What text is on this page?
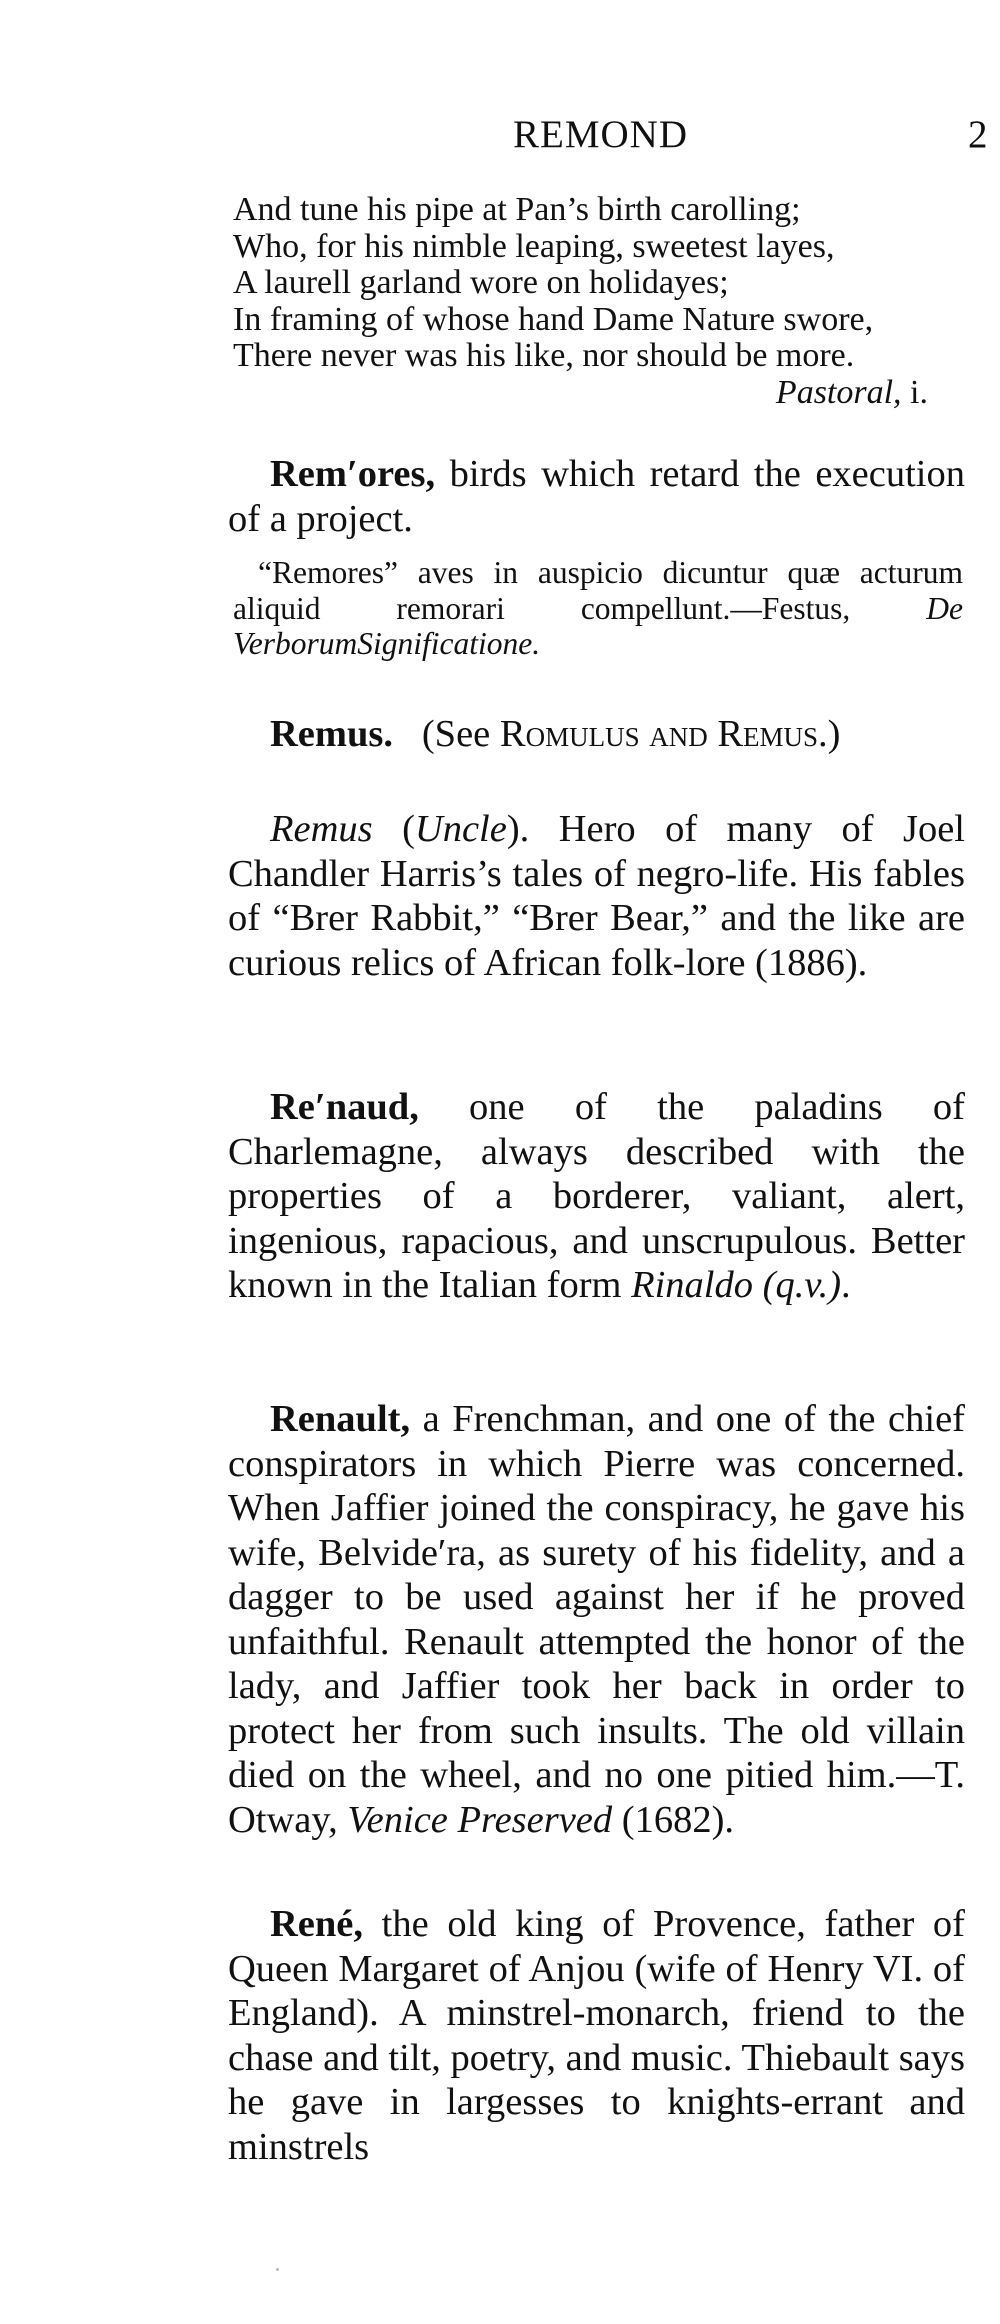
REMOND	2
And tune his pipe at Pan’s birth carolling;
Who, for his nimble leaping, sweetest layes,
A laurell garland wore on holidayes;
In framing of whose hand Dame Nature swore,
There never was his like, nor should be more.
Pastoral, i.

Rem′ores, birds which retard the execution of a project.

“Remores” aves in auspicio dicuntur quæ acturum aliquid remorari compellunt.—Festus, De VerborumSignificatione.

Remus. (See Romulus and Remus.)

Remus (Uncle). Hero of many of Joel Chandler Harris’s tales of negro-life. His fables of “Brer Rabbit,” “Brer Bear,” and the like are curious relics of African folk-lore (1886).

Re′naud, one of the paladins of Charlemagne, always described with the properties of a borderer, valiant, alert, ingenious, rapacious, and unscrupulous. Better known in the Italian form Rinaldo (q.v.).

Renault, a Frenchman, and one of the chief conspirators in which Pierre was concerned. When Jaffier joined the conspiracy, he gave his wife, Belvide′ra, as surety of his fidelity, and a dagger to be used against her if he proved unfaithful. Renault attempted the honor of the lady, and Jaffier took her back in order to protect her from such insults. The old villain died on the wheel, and no one pitied him.—T. Otway, Venice Preserved (1682).

René, the old king of Provence, father of Queen Margaret of Anjou (wife of Henry VI. of England). A minstrel-monarch, friend to the chase and tilt, poetry, and music. Thiebault says he gave in largesses to knights-errant and minstrels
